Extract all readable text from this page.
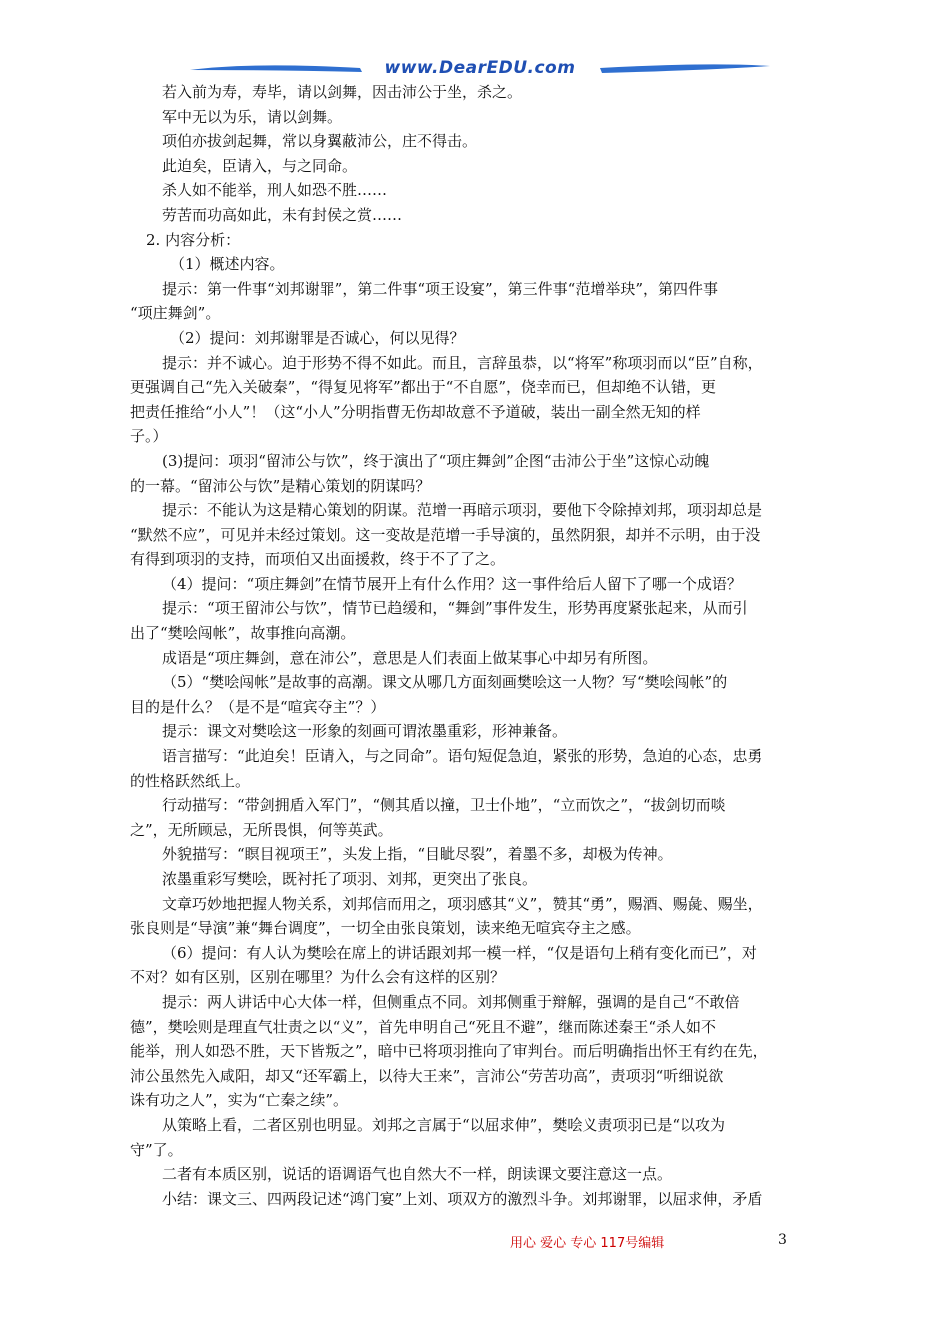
www.DearEDU.com
若入前为寿，寿毕，请以剑舞，因击沛公于坐，杀之。
军中无以为乐，请以剑舞。
项伯亦拔剑起舞，常以身翼蔽沛公，庄不得击。
此迫矣，臣请入，与之同命。
杀人如不能举，刑人如恐不胜……
劳苦而功高如此，未有封侯之赏……
2. 内容分析：
（1）概述内容。
提示：第一件事“刘邦谢罪”，第二件事“项王设宴”，第三件事“范增举玦”，第四件事
“项庄舞剑”。
（2）提问：刘邦谢罪是否诚心，何以见得？
提示：并不诚心。迫于形势不得不如此。而且，言辞虽恭，以“将军”称项羽而以“臣”自称，
更强调自己“先入关破秦”，“得复见将军”都出于“不自愿”，侥幸而已，但却绝不认错，更
把责任推给“小人”！（这“小人”分明指曹无伤却故意不予道破，装出一副全然无知的样
子。）
(3)提问：项羽“留沛公与饮”，终于演出了“项庄舞剑”企图“击沛公于坐”这惊心动魄
的一幕。“留沛公与饮”是精心策划的阴谋吗？
提示：不能认为这是精心策划的阴谋。范增一再暗示项羽，要他下令除掉刘邦，项羽却总是
“默然不应”，可见并未经过策划。这一变故是范增一手导演的，虽然阴狠，却并不示明，由于没
有得到项羽的支持，而项伯又出面援救，终于不了了之。
（4）提问：“项庄舞剑”在情节展开上有什么作用？这一事件给后人留下了哪一个成语？
提示：“项王留沛公与饮”，情节已趋缓和，“舞剑”事件发生，形势再度紧张起来，从而引
出了“樊哙闯帐”，故事推向高潮。
成语是“项庄舞剑，意在沛公”，意思是人们表面上做某事心中却另有所图。
（5）“樊哙闯帐”是故事的高潮。课文从哪几方面刻画樊哙这一人物？写“樊哙闯帐”的
目的是什么？（是不是“喧宾夺主”？）
提示：课文对樊哙这一形象的刻画可谓浓墨重彩，形神兼备。
语言描写：“此迫矣！臣请入，与之同命”。语句短促急迫，紧张的形势，急迫的心态，忠勇
的性格跃然纸上。
行动描写：“带剑拥盾入军门”，“侧其盾以撞，卫士仆地”，“立而饮之”，“拔剑切而啖
之”，无所顾忌，无所畏惧，何等英武。
外貌描写：“瞑目视项王”，头发上指，“目眦尽裂”，着墨不多，却极为传神。
浓墨重彩写樊哙，既衬托了项羽、刘邦，更突出了张良。
文章巧妙地把握人物关系，刘邦信而用之，项羽感其“义”，赞其“勇”，赐酒、赐彘、赐坐，
张良则是“导演”兼“舞台调度”，一切全由张良策划，读来绝无喧宾夺主之感。
（6）提问：有人认为樊哙在席上的讲话跟刘邦一模一样，“仅是语句上稍有变化而已”，对
不对？如有区别，区别在哪里？为什么会有这样的区别？
提示：两人讲话中心大体一样，但侧重点不同。刘邦侧重于辩解，强调的是自己“不敢倍
德”，樊哙则是理直气壮责之以“义”，首先申明自己“死且不避”，继而陈述秦王“杀人如不
能举，刑人如恐不胜，天下皆叛之”，暗中已将项羽推向了审判台。而后明确指出怀王有约在先，
沛公虽然先入咸阳，却又“还军霸上，以待大王来”，言沛公“劳苦功高”，责项羽“听细说欲
诛有功之人”，实为“亡秦之续”。
从策略上看，二者区别也明显。刘邦之言属于“以屈求伸”，樊哙义责项羽已是“以攻为
守”了。
二者有本质区别，说话的语调语气也自然大不一样，朗读课文要注意这一点。
小结：课文三、四两段记述“鸿门宴”上刘、项双方的激烈斗争。刘邦谢罪，以屈求伸，矛盾
用心 爱心 专心 117号编辑	3
